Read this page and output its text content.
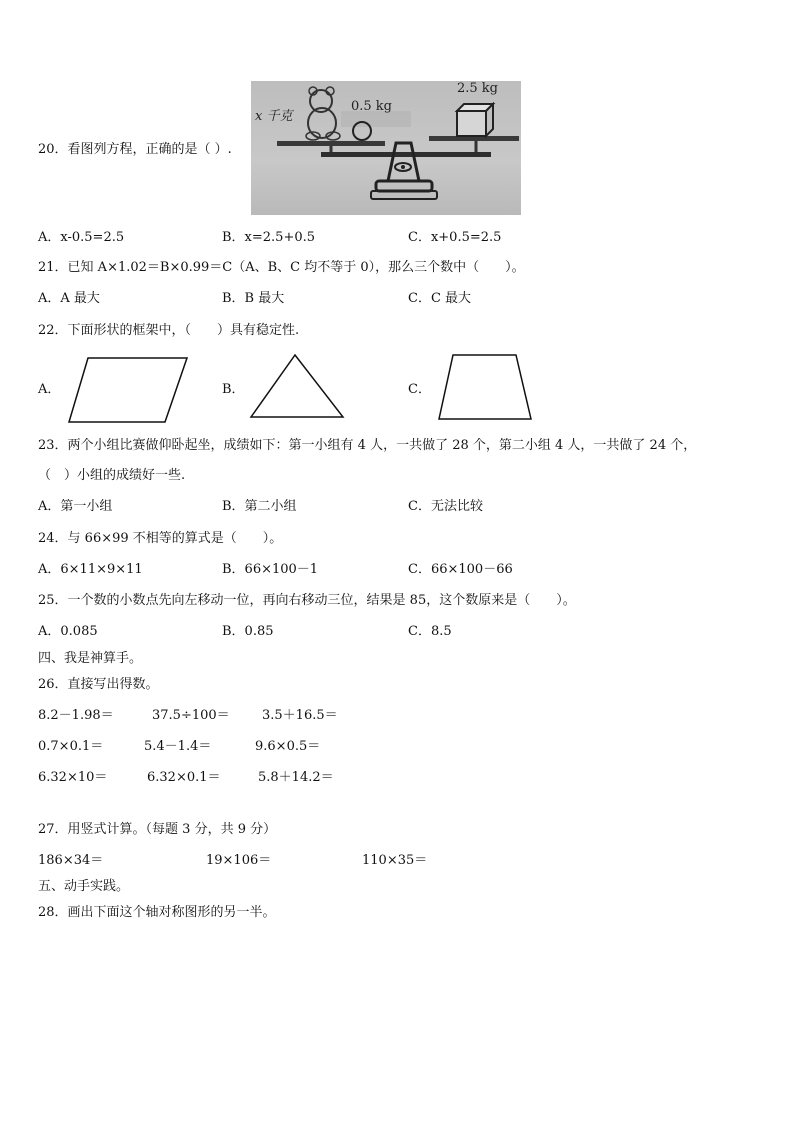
20．看图列方程，正确的是（ ）.
x 千克
0.5 kg
2.5 kg
A．x-0.5=2.5	B．x=2.5+0.5	C．x+0.5=2.5
21．已知 A×1.02＝B×0.99＝C（A、B、C 均不等于 0），那么三个数中（　　）。
A．A 最大	B．B 最大	C．C 最大
22．下面形状的框架中，（　　）具有稳定性.
A．	B．	C．
23．两个小组比赛做仰卧起坐，成绩如下：第一小组有 4 人，一共做了 28 个，第二小组 4 人，一共做了 24 个，
（　）小组的成绩好一些.
A．第一小组	B．第二小组	C．无法比较
24．与 66×99 不相等的算式是（　　）。
A．6×11×9×11	B．66×100－1	C．66×100－66
25．一个数的小数点先向左移动一位，再向右移动三位，结果是 85，这个数原来是（　　）。
A．0.085	B．0.85	C．8.5
四、我是神算手。
26．直接写出得数。
8.2－1.98＝	37.5÷100＝ 3.5＋16.5＝
0.7×0.1＝	5.4－1.4＝	9.6×0.5＝
6.32×10＝	6.32×0.1＝	5.8＋14.2＝
27．用竖式计算。（每题 3 分，共 9 分）
186×34＝	19×106＝	110×35＝
五、动手实践。
28．画出下面这个轴对称图形的另一半。
